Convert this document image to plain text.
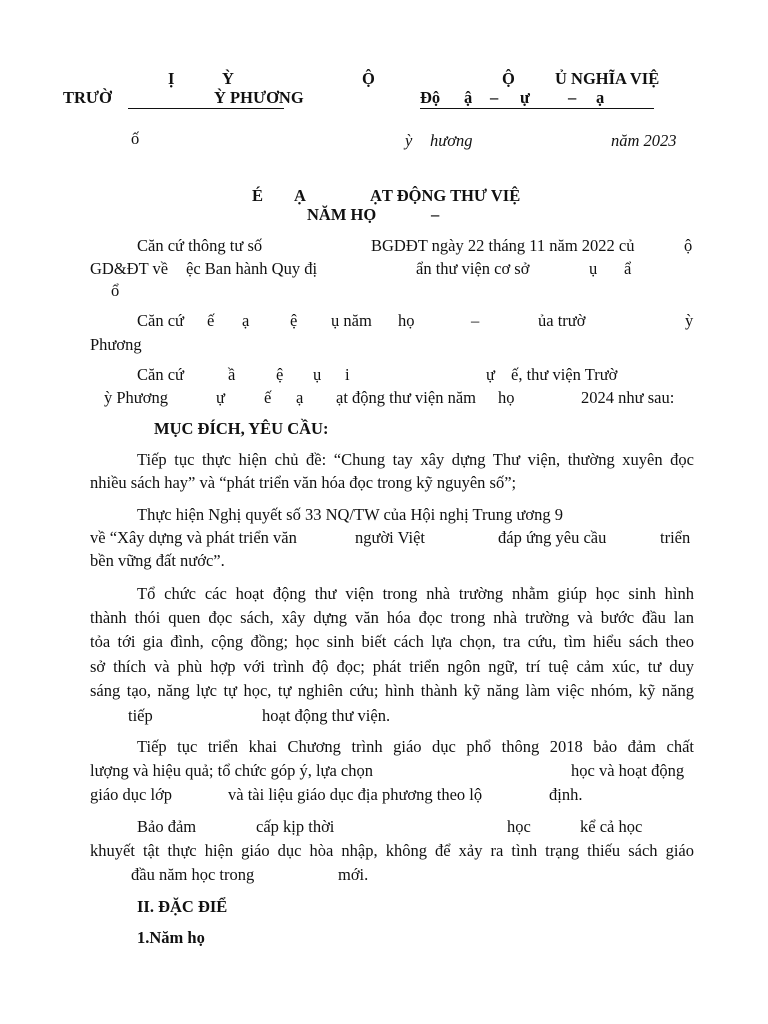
Ị	Ỳ
TRƯỜ	Ỳ PHƯƠNG
Ộ	Ộ Ủ NGHĨA VIỆ
Độ ậ – ự – ạ
ố	ỳ hương	năm 2023
É Ạ	ẠT ĐỘNG THƯ VIỆ
NĂM HỌ	–
Căn cứ thông tư số	BGDĐT ngày 22 tháng 11 năm 2022 củ	ộ
GD&ĐT về ệc Ban hành Quy đị	ẩn thư viện cơ sở	ụ ẩ
ổ
Căn cứ ế ạ ệ ụ năm họ	–	ủa trườ	ỳ
Phương
Căn cứ	ầ ệ ụ i	ự ế, thư viện Trườ
ỳ Phương	ự ế ạ ạt động thư viện năm họ	2024 như sau:
MỤC ĐÍCH, YÊU CẦU:
Tiếp tục thực hiện chủ đề: “Chung tay xây dựng Thư viện, thường xuyên đọc
nhiều sách hay” và “phát triển văn hóa đọc trong kỹ nguyên số”;
Thực hiện Nghị quyết số 33 NQ/TW của Hội nghị Trung ương 9
về “Xây dựng và phát triển văn	người Việt	đáp ứng yêu cầu	triển
bền vững đất nước”.
Tổ chức các hoạt động thư viện trong nhà trường nhằm giúp học sinh hình
thành thói quen đọc sách, xây dựng văn hóa đọc trong nhà trường và bước đầu lan
tỏa tới gia đình, cộng đồng; học sinh biết cách lựa chọn, tra cứu, tìm hiểu sách theo
sở thích và phù hợp với trình độ đọc; phát triển ngôn ngữ, trí tuệ cảm xúc, tư duy
sáng tạo, năng lực tự học, tự nghiên cứu; hình thành kỹ năng làm việc nhóm, kỹ năng
tiếp	hoạt động thư viện.
Tiếp tục triển khai Chương trình giáo dục phổ thông 2018 bảo đảm chất
lượng và hiệu quả; tổ chức góp ý, lựa chọn	học và hoạt động
giáo dục lớp	và tài liệu giáo dục địa phương theo lộ	định.
Bảo đảm	cấp kịp thời	học	kể cả học
khuyết tật thực hiện giáo dục hòa nhập, không để xảy ra tình trạng thiếu sách giáo
đầu năm học trong	mới.
II. ĐẶC ĐIỂ
1.Năm họ
